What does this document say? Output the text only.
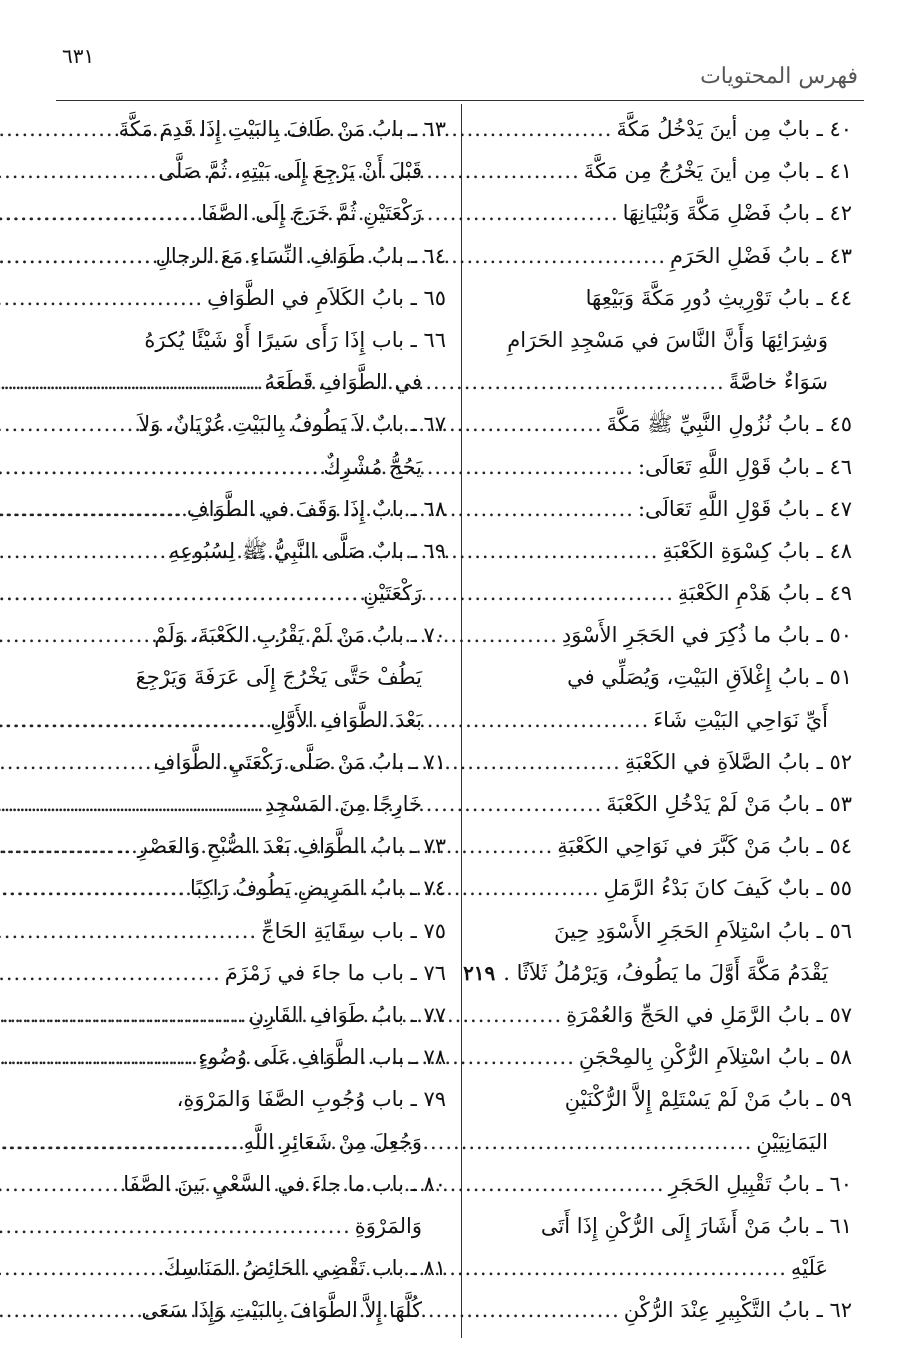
٦٣١
فهرس المحتويات
٤٠ ـ بابٌ مِن أينَ يَدْخُلُ مَكَّةَ
.....
٤١ ـ بابٌ مِن أينَ يَخْرُجُ مِن مَكَّةَ
.....
٤٢ ـ بابُ فَضْلِ مَكَّةَ وَبُنْيَانِهَا
.....
٤٣ ـ بابُ فَضْلِ الحَرَمِ
.....
٤٤ ـ بابُ تَوْرِيثِ دُورِ مَكَّةَ وَبَيْعِهَا
وَشِرَائِهَا وَأَنَّ النَّاسَ في مَسْجِدِ الحَرَامِ
سَوَاءٌ خاصَّةً
.....
٤٥ ـ بابُ نُزُولِ النَّبِيِّ ﷺ مَكَّةَ
.....
٤٦ ـ بابُ قَوْلِ اللَّهِ تَعَالَى:
.....
٤٧ ـ بابُ قَوْلِ اللَّهِ تَعَالَى:
.....
٤٨ ـ بابُ كِسْوَةِ الكَعْبَةِ
.....
٤٩ ـ بابُ هَدْمِ الكَعْبَةِ
.....
٥٠ ـ بابُ ما ذُكِرَ في الحَجَرِ الأَسْوَدِ
.....
٥١ ـ بابُ إِغْلاَقِ البَيْتِ، وَيُصَلِّي في
أَيِّ نَوَاحِي البَيْتِ شَاءَ
.....
٥٢ ـ بابُ الصَّلاَةِ في الكَعْبَةِ
.....
٥٣ ـ بابُ مَنْ لَمْ يَدْخُلِ الكَعْبَةَ
.....
٥٤ ـ بابُ مَنْ كَبَّرَ في نَوَاحِي الكَعْبَةِ
.....
٥٥ ـ بابٌ كَيفَ كانَ بَدْءُ الرَّمَلِ
.....
٥٦ ـ بابُ اسْتِلاَمِ الحَجَرِ الأَسْوَدِ حِينَ
يَقْدَمُ مَكَّةَ أَوَّلَ ما يَطُوفُ، وَيَرْمُلُ ثَلاَثًا .
٢١٩
٥٧ ـ بابُ الرَّمَلِ في الحَجِّ وَالعُمْرَةِ
.....
٥٨ ـ بابُ اسْتِلاَمِ الرُّكْنِ بِالمِحْجَنِ
.....
٥٩ ـ بابُ مَنْ لَمْ يَسْتَلِمْ إِلاَّ الرُّكْنَيْنِ
اليَمَانِيَيْنِ
.....
٦٠ ـ بابُ تَقْبِيلِ الحَجَرِ
.....
٦١ ـ بابُ مَنْ أَشَارَ إِلَى الرُّكْنِ إِذَا أَتَى
عَلَيْهِ
.....
٦٢ ـ بابُ التَّكْبِيرِ عِنْدَ الرُّكْنِ
.....
٦٣ ـ بابُ مَنْ طَافَ بِالبَيْتِ إِذَا قَدِمَ مَكَّةَ
قَبْلَ أَنْ يَرْجِعَ إِلَى بَيْتِهِ، ثُمَّ صَلَّى
رَكْعَتَيْنِ ثُمَّ خَرَجَ إِلَى الصَّفَا
.....
٦٤ ـ بابُ طَوَافِ النِّسَاءِ مَعَ الرجالِ
.....
٦٥ ـ بابُ الكَلاَمِ في الطَّوَافِ
.....
٦٦ ـ باب إِذَا رَأَى سَيرًا أَوْ شَيْئًا يُكرَهُ
في الطَّوَافِ قَطَعَهُ
.....
٦٧ ـ بابٌ لاَ يَطُوفُ بِالبَيْتِ عُرْيَانٌ، وَلاَ
يَحُجُّ مُشْرِكٌ
.....
٦٨ ـ بابٌ إِذَا وَقَفَ في الطَّوَافِ
.....
٦٩ ـ بابٌ صَلَّى النَّبِيُّ ﷺ لِسُبُوعِهِ
رَكْعَتَيْنِ
.....
٧٠ ـ بابُ مَنْ لَمْ يَقْرُبِ الكَعْبَةَ، وَلَمْ
يَطُفْ حَتَّى يَخْرُجَ إِلَى عَرَفَةَ وَيَرْجِعَ
بَعْدَ الطَّوَافِ الأَوَّلِ
.....
٧١ ـ بابُ مَنْ صَلَّى رَكْعَتَيِ الطَّوَافِ
خَارِجًا مِنَ المَسْجِدِ
.....
٧٣ ـ بابُ الطَّوَافِ بَعْدَ الصُّبْحِ وَالعَصْرِ ..
.....
٧٤ ـ بابُ المَرِيضِ يَطُوفُ رَاكِبًا
.....
٧٥ ـ باب سِقَايَةِ الحَاجِّ
.....
٧٦ ـ باب ما جاءَ في زَمْزَمَ
.....
٧٧ ـ بابُ طَوَافِ القَارِنِ
.....
٧٨ ـ باب الطَّوَافِ عَلَى وُضُوءٍ
.....
٧٩ ـ باب وُجُوبِ الصَّفَا وَالمَرْوَةِ،
وَجُعِلَ مِنْ شَعَائِرِ اللَّهِ
.....
٨٠ ـ باب ما جاءَ في السَّعْيِ بَينَ الصَّفَا
وَالمَرْوَةِ
.....
٨١ ـ باب تَقْضِي الحَائِضُ المَنَاسِكَ
كُلَّهَا إِلاَّ الطَّوَافَ بِالبَيْتِ وَإِذَا سَعَى
